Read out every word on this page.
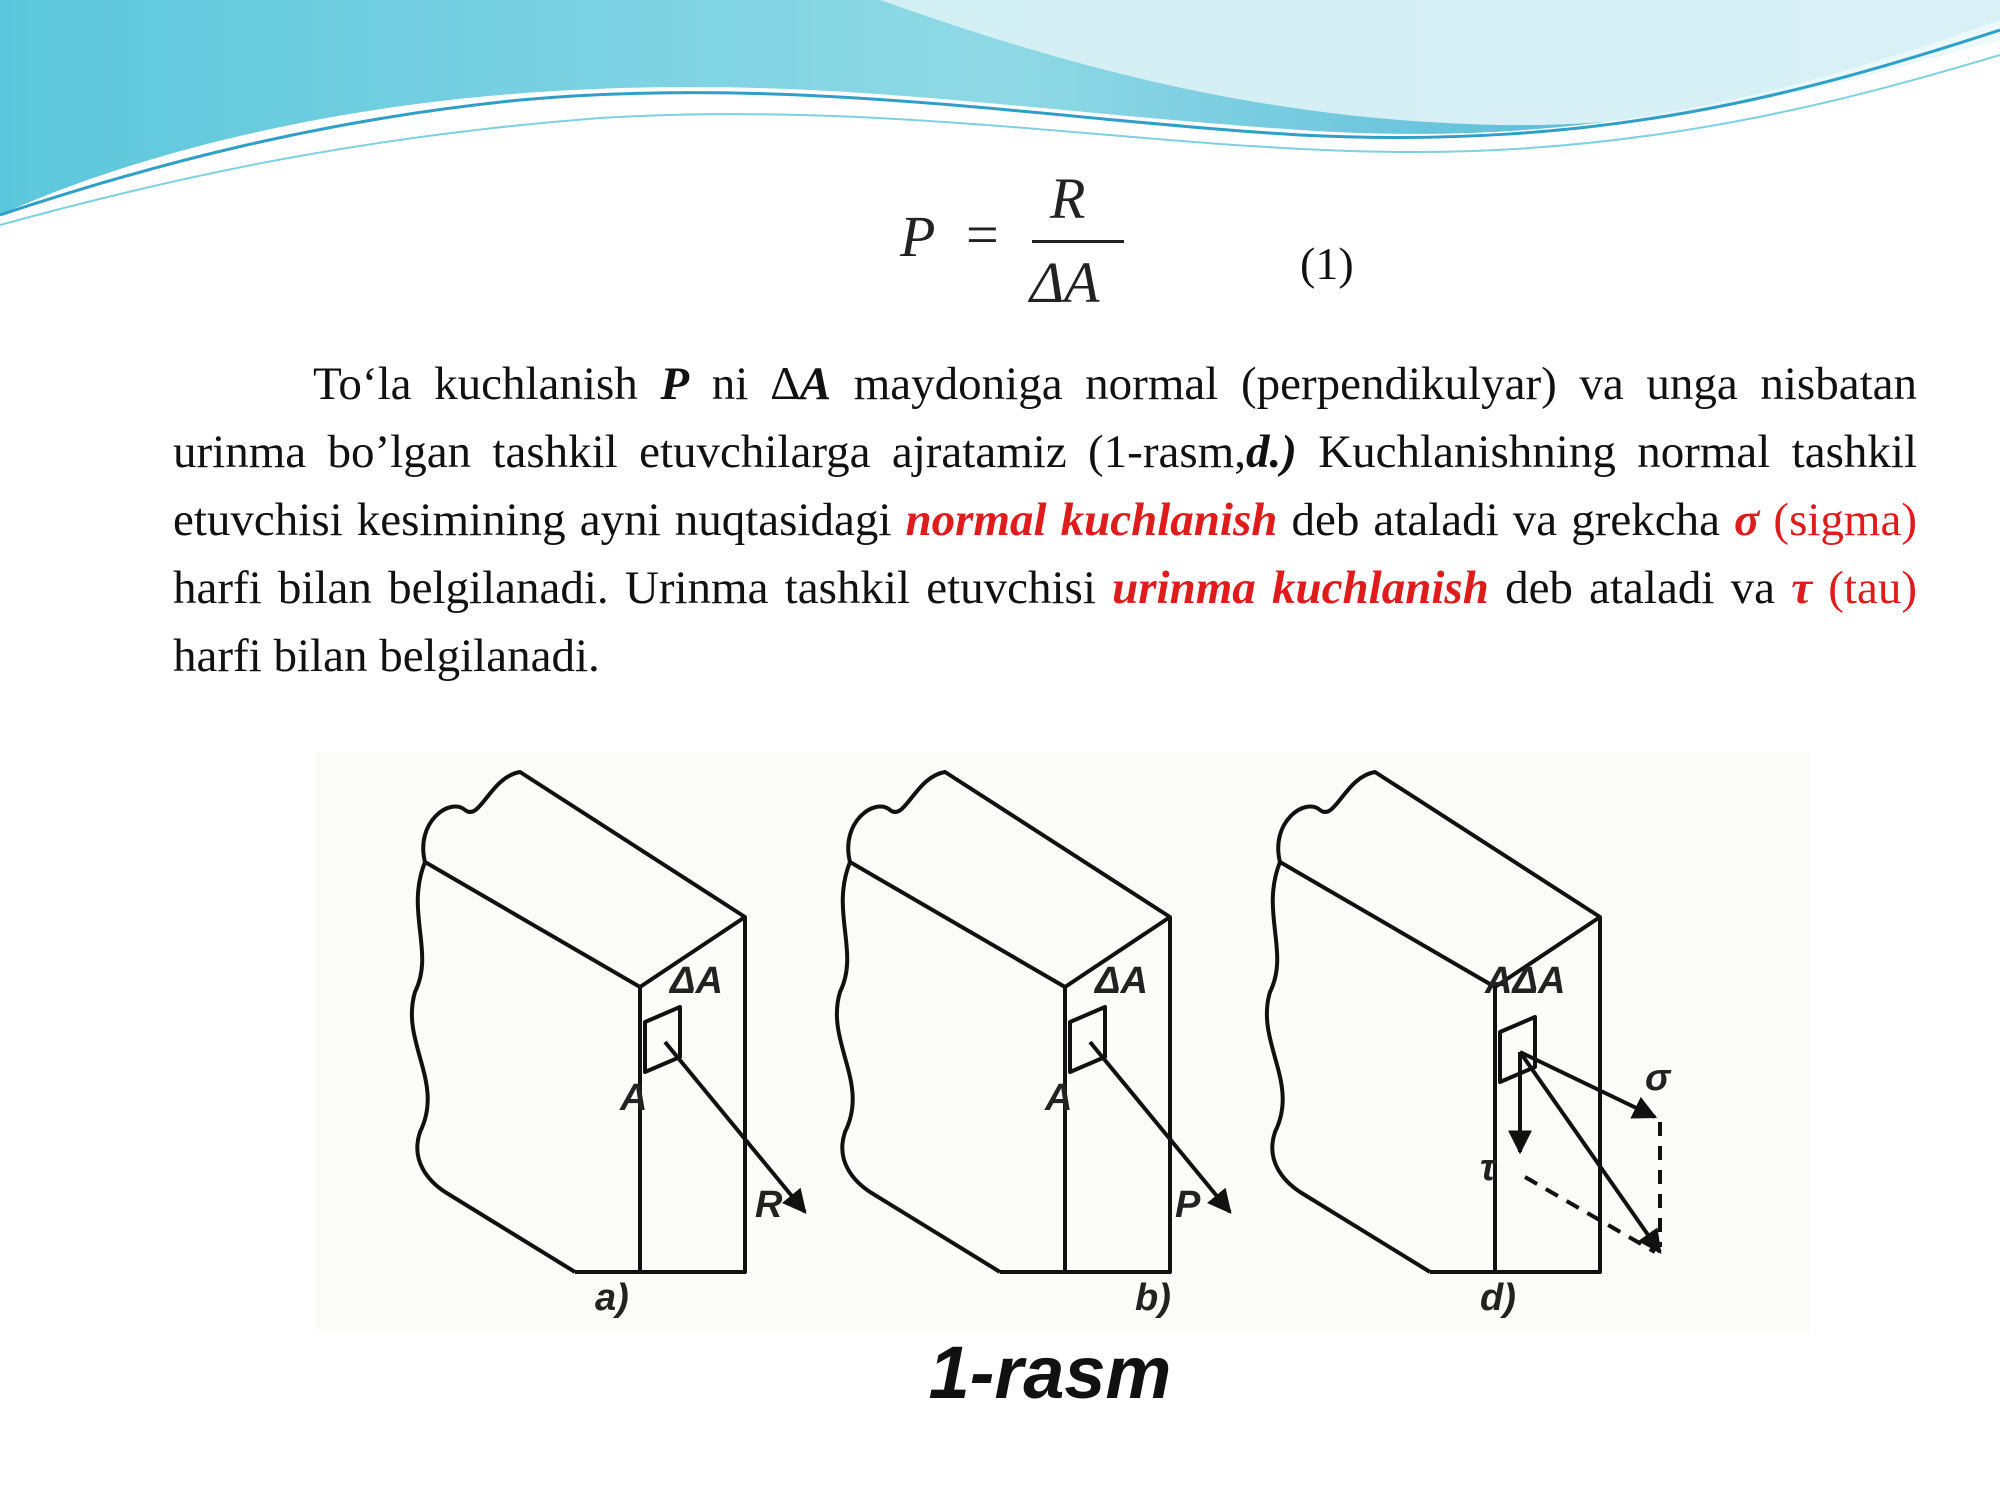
P =
R
ΔA	(1)
To‘la kuchlanish P ni ∆A maydoniga normal (perpendikulyar) va unga nisbatan urinma bo’lgan tashkil etuvchilarga ajratamiz (1-rasm,d.) Kuchlanishning normal tashkil etuvchisi kesimining ayni nuqtasidagi normal kuchlanish deb ataladi va grekcha σ (sigma) harfi bilan belgilanadi. Urinma tashkil etuvchisi urinma kuchlanish deb ataladi va τ (tau) harfi bilan belgilanadi.
ΔA
A
R
a)
ΔA
A
P
b)
AΔA
σ
τ
d)
1-rasm
